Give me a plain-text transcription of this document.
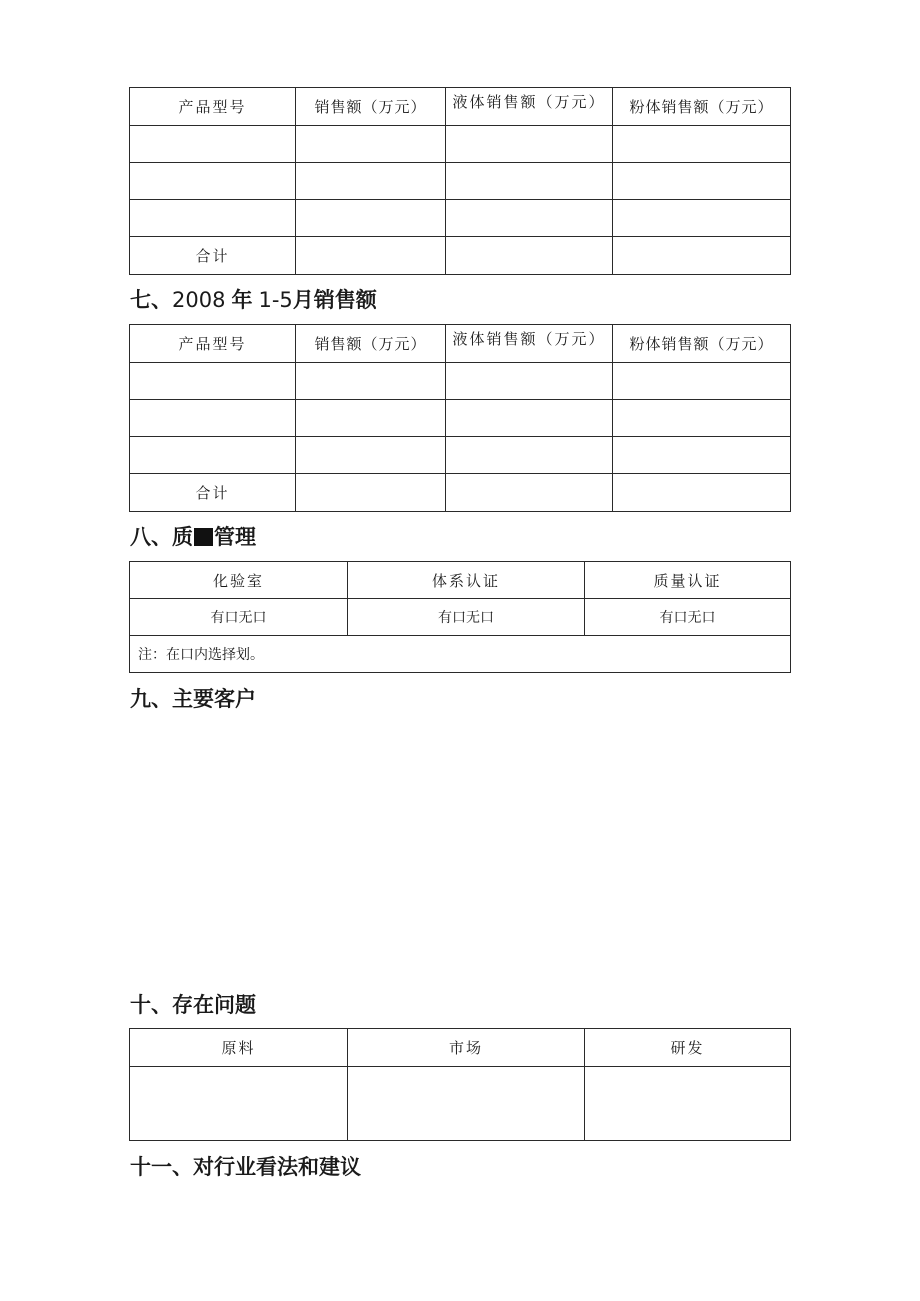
产品型号	销售额（万元）	液体销售额（万元）	粉体销售额（万元）

合计			
七、2008 年 1-5月销售额
产品型号	销售额（万元）	液体销售额（万元）	粉体销售额（万元）

合计			
八、质 管理
化验室	体系认证	质量认证
有口无口	有口无口	有口无口
注：在口内选择划。		
九、主要客户
十、存在问题
原料	市场	研发

十一、对行业看法和建议
